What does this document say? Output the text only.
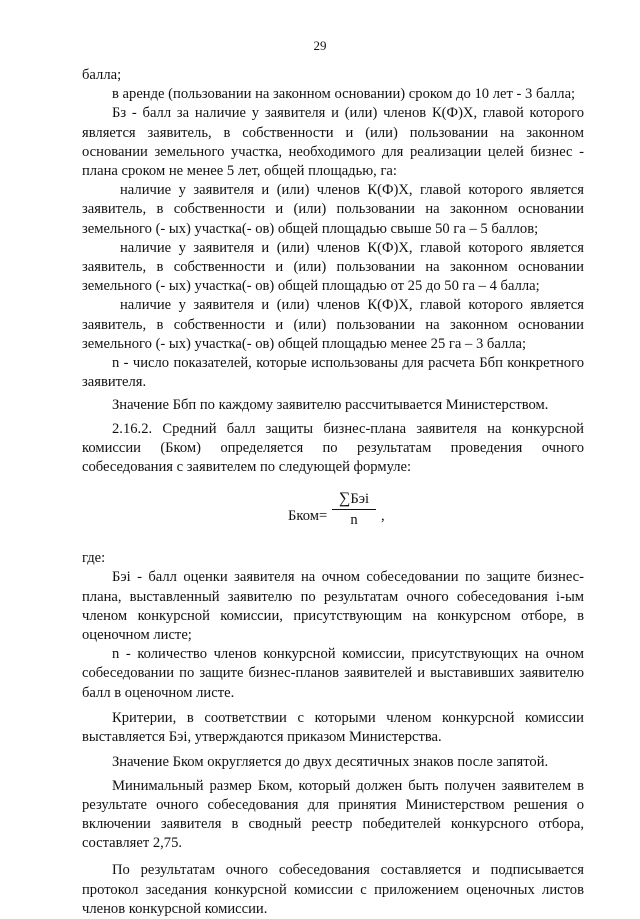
29

балла;

в аренде (пользовании на законном основании) сроком до 10 лет - 3 балла;

Бз - балл за наличие у заявителя и (или) членов К(Ф)Х, главой которого является заявитель, в собственности и (или) пользовании на законном основании земельного участка, необходимого для реализации целей бизнес - плана сроком не менее 5 лет, общей площадью, га:

наличие у заявителя и (или) членов К(Ф)Х, главой которого является заявитель, в собственности и (или) пользовании на законном основании земельного (- ых) участка(- ов) общей площадью свыше 50 га – 5 баллов;

наличие у заявителя и (или) членов К(Ф)Х, главой которого является заявитель, в собственности и (или) пользовании на законном основании земельного (- ых) участка(- ов) общей площадью от 25 до 50 га – 4 балла;

наличие у заявителя и (или) членов К(Ф)Х, главой которого является заявитель, в собственности и (или) пользовании на законном основании земельного (- ых) участка(- ов) общей площадью менее 25 га – 3 балла;

n - число показателей, которые использованы для расчета Ббп конкретного заявителя.

Значение Ббп по каждому заявителю рассчитывается Министерством.

2.16.2. Средний балл защиты бизнес-плана заявителя на конкурсной комиссии (Бком) определяется по результатам проведения очного собеседования с заявителем по следующей формуле:

Бком=
∑Бэi
n	,

где:

Бэi - балл оценки заявителя на очном собеседовании по защите бизнес-плана, выставленный заявителю по результатам очного собеседования i-ым членом конкурсной комиссии, присутствующим на конкурсном отборе, в оценочном листе;

n - количество членов конкурсной комиссии, присутствующих на очном собеседовании по защите бизнес-планов заявителей и выставивших заявителю балл в оценочном листе.

Критерии, в соответствии с которыми членом конкурсной комиссии выставляется Бэi, утверждаются приказом Министерства.

Значение Бком округляется до двух десятичных знаков после запятой.

Минимальный размер Бком, который должен быть получен заявителем в результате очного собеседования для принятия Министерством решения о включении заявителя в сводный реестр победителей конкурсного отбора, составляет 2,75.

По результатам очного собеседования составляется и подписывается протокол заседания конкурсной комиссии с приложением оценочных листов членов конкурсной комиссии.
